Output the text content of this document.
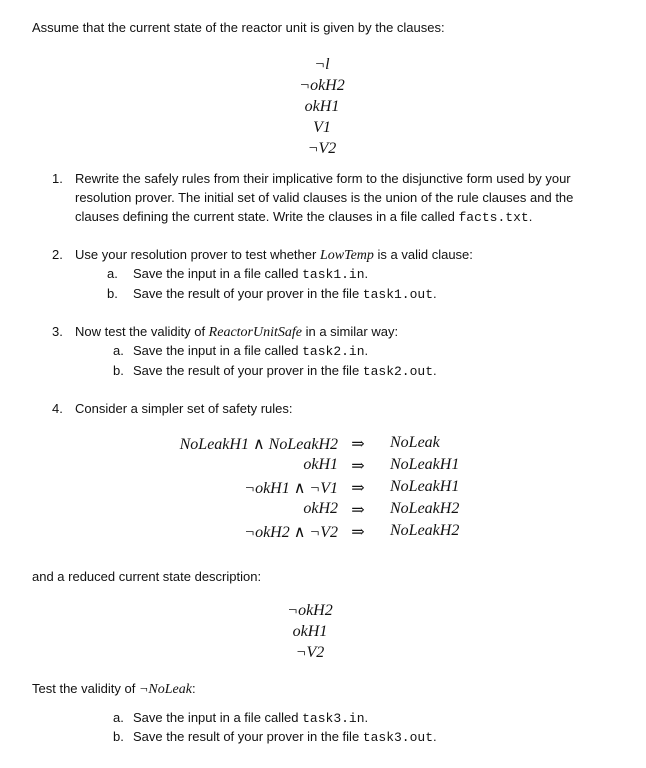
Assume that the current state of the reactor unit is given by the clauses:
¬l
¬okH2
okH1
V1
¬V2
1. Rewrite the safely rules from their implicative form to the disjunctive form used by your
resolution prover. The initial set of valid clauses is the union of the rule clauses and the
clauses defining the current state. Write the clauses in a file called facts.txt.
2. Use your resolution prover to test whether LowTemp is a valid clause:
a. Save the input in a file called task1.in.
b. Save the result of your prover in the file task1.out.
3. Now test the validity of ReactorUnitSafe in a similar way:
a. Save the input in a file called task2.in.
b. Save the result of your prover in the file task2.out.
4. Consider a simpler set of safety rules:
NoLeakH1 ∧ NoLeakH2 ⇒ NoLeak
okH1 ⇒ NoLeakH1
¬okH1 ∧ ¬V1 ⇒ NoLeakH1
okH2 ⇒ NoLeakH2
¬okH2 ∧ ¬V2 ⇒ NoLeakH2
and a reduced current state description:
¬okH2
okH1
¬V2
Test the validity of ¬NoLeak:
a. Save the input in a file called task3.in.
b. Save the result of your prover in the file task3.out.
